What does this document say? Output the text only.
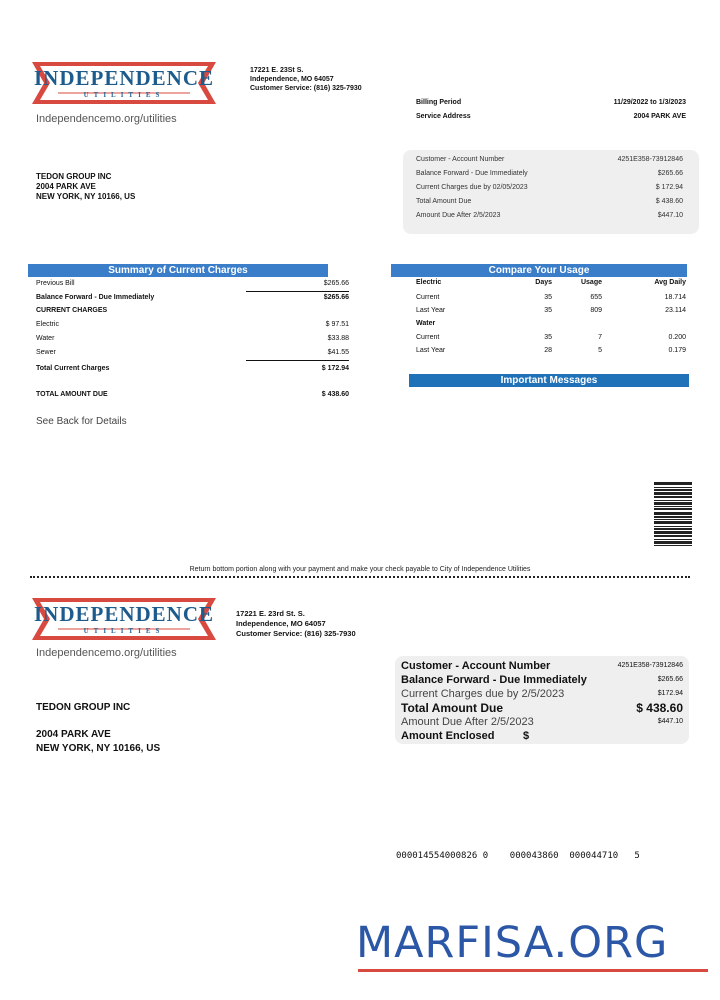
INDEPENDENCE
UTILITIES
17221 E. 23St S.
Independence, MO 64057
Customer Service: (816) 325-7930
Independencemo.org/utilities
Billing Period	11/29/2022 to 1/3/2023
Service Address	2004 PARK AVE
TEDON GROUP INC
2004 PARK AVE
NEW YORK, NY 10166, US
Customer - Account Number	4251E358-73912846
Balance Forward - Due Immediately	$265.66
Current Charges due by 02/05/2023	$ 172.94
Total Amount Due	$ 438.60
Amount Due After 2/5/2023	$447.10
Summary of Current Charges
Previous Bill	$265.66
Balance Forward - Due Immediately	$265.66
CURRENT CHARGES
Electric	$ 97.51
Water	$33.88
Sewer	$41.55
Total Current Charges	$ 172.94
TOTAL AMOUNT DUE	$ 438.60
See Back for Details
Compare Your Usage
Electric	Days	Usage	Avg Daily
Current	35	655	18.714
Last Year	35	809	23.114
Water
Current	35	7	0.200
Last Year	28	5	0.179
Important Messages
Return bottom portion along with your payment and make your check payable to City of Independence Utilities
INDEPENDENCE
UTILITIES
17221 E. 23rd St. S.
Independence, MO 64057
Customer Service: (816) 325-7930
Independencemo.org/utilities
TEDON GROUP INC
2004 PARK AVE
NEW YORK, NY 10166, US
Customer - Account Number	4251E358-73912846
Balance Forward - Due Immediately	$265.66
Current Charges due by 2/5/2023	$172.94
Total Amount Due	$ 438.60
Amount Due After 2/5/2023	$447.10
Amount Enclosed	$
000014554000826 0    000043860  000044710   5
MARFISA.ORG
